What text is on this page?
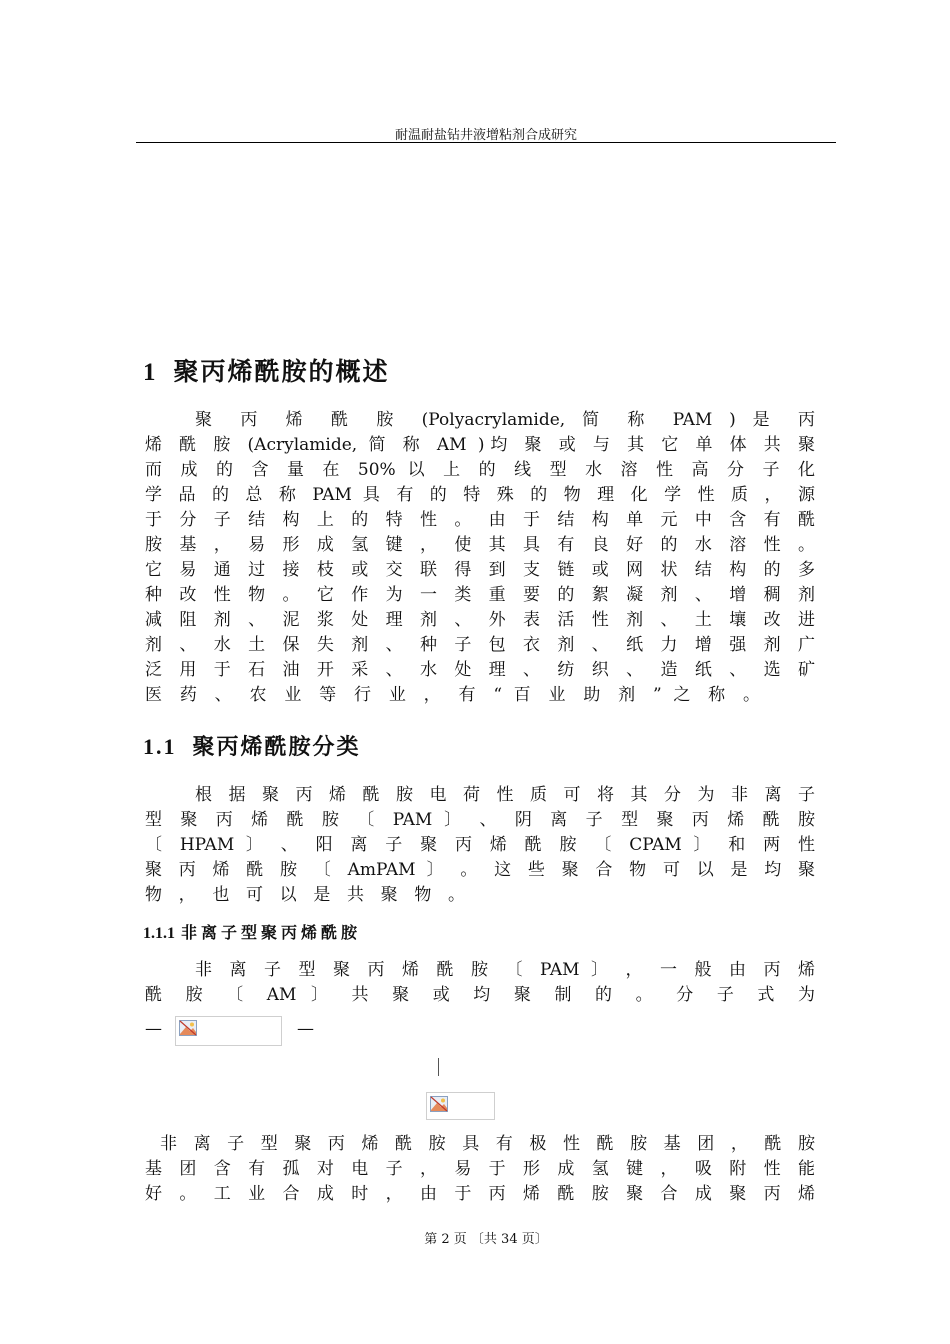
耐温耐盐钻井液增粘剂合成研究
1 聚丙烯酰胺的概述
聚 丙 烯 酰 胺 (Polyacrylamide, 简 称 PAM ) 是 丙
烯 酰 胺 (Acrylamide, 简 称 AM )均 聚 或 与 其 它 单 体 共 聚
而 成 的 含 量 在 50% 以 上 的 线 型 水 溶 性 高 分 子 化
学 品 的 总 称 PAM 具 有 的 特 殊 的 物 理 化 学 性 质 ， 源
于 分 子 结 构 上 的 特 性 。 由 于 结 构 单 元 中 含 有 酰
胺 基 ， 易 形 成 氢 键 ， 使 其 具 有 良 好 的 水 溶 性 。
它 易 通 过 接 枝 或 交 联 得 到 支 链 或 网 状 结 构 的 多
种 改 性 物 。 它 作 为 一 类 重 要 的 絮 凝 剂 、 增 稠 剂
减 阻 剂 、 泥 浆 处 理 剂 、 外 表 活 性 剂 、 土 壤 改 进
剂 、 水 土 保 失 剂 、 种 子 包 衣 剂 、 纸 力 增 强 剂 广
泛 用 于 石 油 开 采 、 水 处 理 、 纺 织 、 造 纸 、 选 矿
医 药 、 农 业 等 行 业 ， 有 “ 百 业 助 剂 ” 之 称 。
1.1 聚丙烯酰胺分类
根 据 聚 丙 烯 酰 胺 电 荷 性 质 可 将 其 分 为 非 离 子
型 聚 丙 烯 酰 胺 〔 PAM 〕 、 阴 离 子 型 聚 丙 烯 酰 胺
〔 HPAM 〕 、 阳 离 子 聚 丙 烯 酰 胺 〔 CPAM 〕 和 两 性
聚 丙 烯 酰 胺 〔 AmPAM 〕 。 这 些 聚 合 物 可 以 是 均 聚
物 ， 也 可 以 是 共 聚 物 。
1.1.1 非离子型聚丙烯酰胺
非 离 子 型 聚 丙 烯 酰 胺 〔 PAM 〕 ， 一 般 由 丙 烯
酰 胺 〔 AM 〕 共 聚 或 均 聚 制 的 。 分 子 式 为
—	—
非 离 子 型 聚 丙 烯 酰 胺 具 有 极 性 酰 胺 基 团 ， 酰 胺
基 团 含 有 孤 对 电 子 ， 易 于 形 成 氢 键 ， 吸 附 性 能
好 。 工 业 合 成 时 ， 由 于 丙 烯 酰 胺 聚 合 成 聚 丙 烯
第 2 页 〔共 34 页〕
